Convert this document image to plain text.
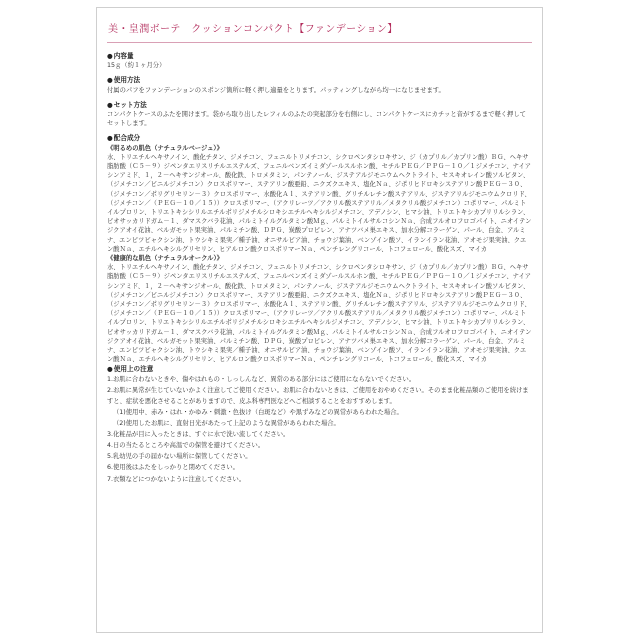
美・皇潤ボーテ　クッションコンパクト【ファンデーション】
●内容量

15ｇ（約１ヶ月分）

●使用方法

付属のパフをファンデーションのスポンジ箇所に軽く押し適量をとります。パッティングしながら均一になじませます。

●セット方法

コンパクトケースのふたを開けます。袋から取り出したレフィルのふたの突起部分を右側にし、コンパクトケースにカチッと音がするまで軽く押してセットします。

●配合成分
《明るめの肌色（ナチュラルベージュ）》

水、トリエチルヘキサノイン、酸化チタン、ジメチコン、フェニルトリメチコン、シクロペンタシロキサン、ジ（カプリル／カプリン酸）ＢＧ、ヘキサ脂肪酸（Ｃ５－９）ジペンタエリスリチルエステルズ、フェニルベンズイミダゾールスルホン酸、セチルＰＥＧ／ＰＰＧ－１０／１ジメチコン、ナイアシンアミド、１，２－ヘキサンジオール、酸化鉄、トロメタミン、パンテノール、ジステアルジモニウムヘクトライト、セスキオレイン酸ソルビタン、（ジメチコン／ビニルジメチコン）クロスポリマー、ステアリン酸亜鉛、ニクズクエキス、塩化Ｎａ、ジポリヒドロキシステアリン酸ＰＥＧ－３０、（ジメチコン／ポリグリセリン－３）クロスポリマー、水酸化Ａｌ、ステアリン酸、グリチルレチン酸ステアリル、ジステアリルジモニウムクロリド、（ジメチコン／（ＰＥＧ－１０／１５））クロスポリマー、（アクリレーツ／アクリル酸ステアリル／メタクリル酸ジメチコン）コポリマー、パルミトイルプロリン、トリエトキシシリルエチルポリジメチルシロキシエチルヘキシルジメチコン、アデノシン、ヒマシ油、トリエトキシカプリリルシラン、ビオサッカリドガム－１、ダマスクバラ花油、パルミトイルグルタミン酸Ｍｇ、パルミトイルサルコシンＮａ、合成フルオロフロゴパイト、ニオイテンジクアオイ花油、ベルガモット果実油、パルミチン酸、ＤＰＧ、炭酸プロピレン、アナツバメ巣エキス、加水分解コラーゲン、パール、白金、アルミナ、エンピツビャクシン油、トウシキミ果実／種子油、オニサルビア油、チョウジ葉油、ベンゾイン酸ソ、イランイラン花油、アオモジ果実油、クエン酸Ｎａ、エチルヘキシルグリセリン、ヒアルロン酸クロスポリマーＮａ、ペンチレングリコール、トコフェロール、酸化スズ、マイカ

《健康的な肌色（ナチュラルオークル）》

水、トリエチルヘキサノイン、酸化チタン、ジメチコン、フェニルトリメチコン、シクロペンタシロキサン、ジ（カプリル／カプリン酸）ＢＧ、ヘキサ脂肪酸（Ｃ５－９）ジペンタエリスリチルエステルズ、フェニルベンズイミダゾールスルホン酸、セチルＰＥＧ／ＰＰＧ－１０／１ジメチコン、ナイアシンアミド、１，２－ヘキサンジオール、酸化鉄、トロメタミン、パンテノール、ジステアルジモニウムヘクトライト、セスキオレイン酸ソルビタン、（ジメチコン／ビニルジメチコン）クロスポリマー、ステアリン酸亜鉛、ニクズクエキス、塩化Ｎａ、ジポリヒドロキシステアリン酸ＰＥＧ－３０、（ジメチコン／ポリグリセリン－３）クロスポリマー、水酸化Ａｌ、ステアリン酸、グリチルレチン酸ステアリル、ジステアリルジモニウムクロリド、（ジメチコン／（ＰＥＧ－１０／１５））クロスポリマー、（アクリレーツ／アクリル酸ステアリル／メタクリル酸ジメチコン）コポリマー、パルミトイルプロリン、トリエトキシシリルエチルポリジメチルシロキシエチルヘキシルジメチコン、アデノシン、ヒマシ油、トリエトキシカプリリルシラン、ビオサッカリドガム－１、ダマスクバラ花油、パルミトイルグルタミン酸Ｍｇ、パルミトイルサルコシンＮａ、合成フルオロフロゴパイト、ニオイテンジクアオイ花油、ベルガモット果実油、パルミチン酸、ＤＰＧ、炭酸プロピレン、アナツバメ巣エキス、加水分解コラーゲン、パール、白金、アルミナ、エンピツビャクシン油、トウシキミ果実／種子油、オニサルビア油、チョウジ葉油、ベンゾイン酸ソ、イランイラン花油、アオモジ果実油、クエン酸Ｎａ、エチルヘキシルグリセリン、ヒアルロン酸クロスポリマーＮａ、ペンチレングリコール、トコフェロール、酸化スズ、マイカ

●使用上の注意
1.お肌に合わないときや、傷やはれもの・しっしんなど、異常のある部分にはご使用にならないでください。
2.お肌に異常が生じていないかよく注意してご使用ください。お肌に合わないときは、ご使用をおやめください。そのまま化粧品類のご使用を続けますと、症状を悪化させることがありますので、皮ふ科専門医などへご相談することをおすすめします。
（1)使用中、赤み・はれ・かゆみ・刺激・色抜け（白斑など）や黒ずみなどの異常があらわれた場合。
（2)使用したお肌に、直射日光があたって上記のような異常があらわれた場合。
3.化粧品が目に入ったときは、すぐに水で洗い流してください。
4.日の当たるところや高温での保管を避けてください。
5.乳幼児の手の届かない場所に保管してください。
6.使用後はふたをしっかりと閉めてください。
7.衣類などにつかないように注意してください。
